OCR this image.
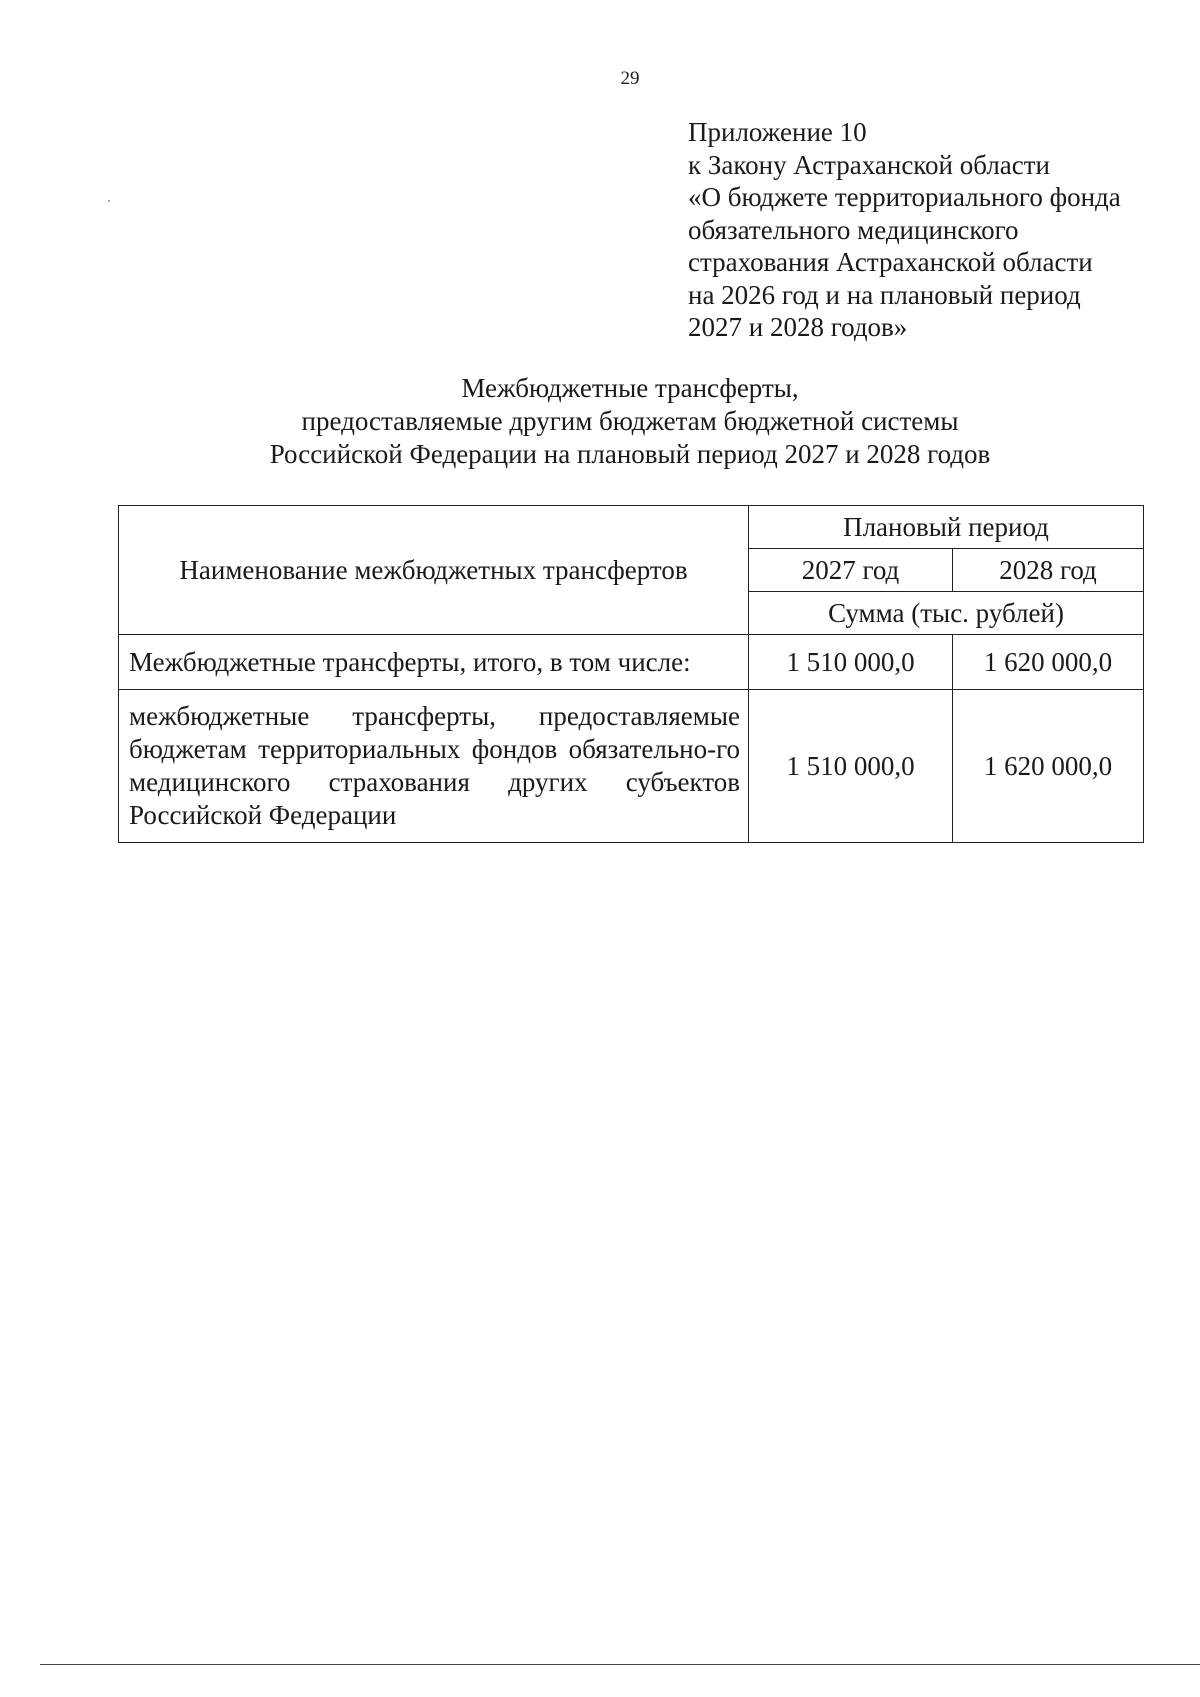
29
Приложение 10
к Закону Астраханской области
«О бюджете территориального фонда
обязательного медицинского
страхования Астраханской области
на 2026 год и на плановый период
2027 и 2028 годов»
Межбюджетные трансферты,
предоставляемые другим бюджетам бюджетной системы
Российской Федерации на плановый период 2027 и 2028 годов
Наименование межбюджетных трансфертов	Плановый период	
	2027 год	2028 год
	Сумма (тыс. рублей)	
Межбюджетные трансферты, итого, в том числе:	1 510 000,0	1 620 000,0
межбюджетные трансферты, предоставляемые бюджетам территориальных фондов обязательно-го медицинского страхования других субъектов Российской Федерации	1 510 000,0	1 620 000,0
